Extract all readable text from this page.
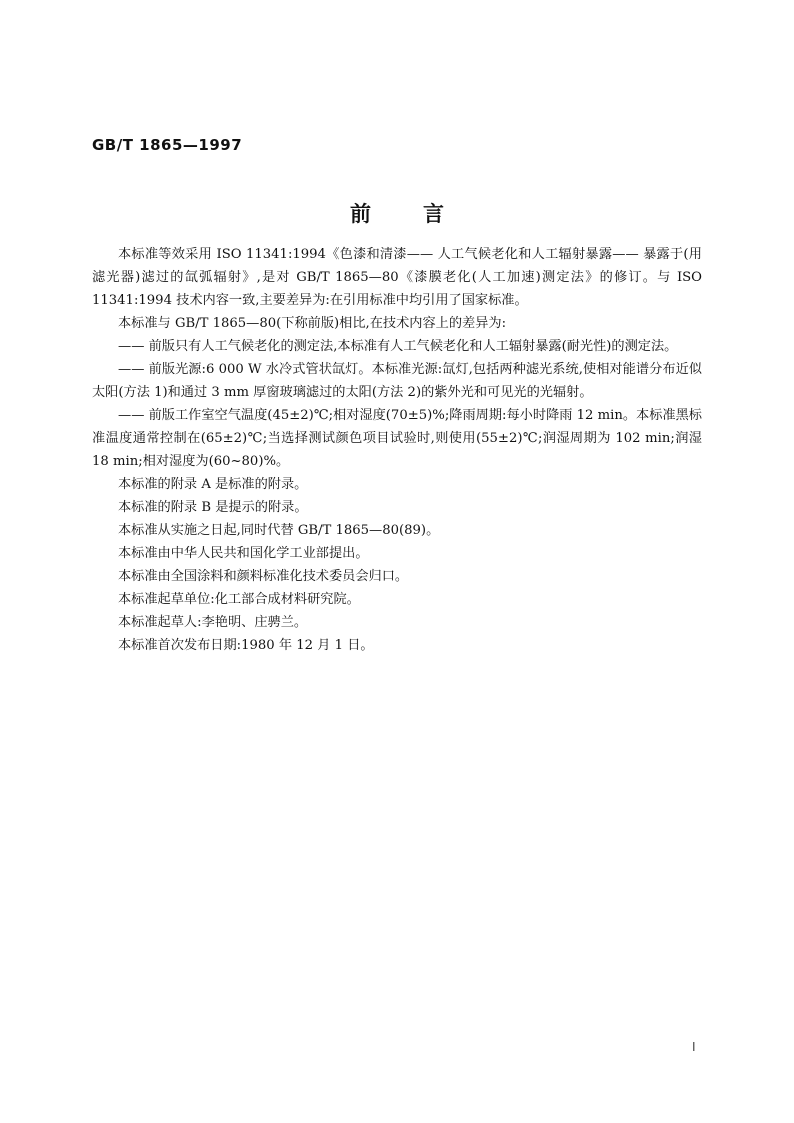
GB/T 1865—1997
前 言

本标准等效采用 ISO 11341:1994《色漆和清漆—— 人工气候老化和人工辐射暴露—— 暴露于(用滤光器)滤过的氙弧辐射》,是对 GB/T 1865—80《漆膜老化(人工加速)测定法》的修订。与 ISO 11341:1994 技术内容一致,主要差异为:在引用标准中均引用了国家标准。

本标准与 GB/T 1865—80(下称前版)相比,在技术内容上的差异为:

—— 前版只有人工气候老化的测定法,本标准有人工气候老化和人工辐射暴露(耐光性)的测定法。

—— 前版光源:6 000 W 水冷式管状氙灯。本标准光源:氙灯,包括两种滤光系统,使相对能谱分布近似太阳(方法 1)和通过 3 mm 厚窗玻璃滤过的太阳(方法 2)的紫外光和可见光的光辐射。

—— 前版工作室空气温度(45±2)℃;相对湿度(70±5)%;降雨周期:每小时降雨 12 min。本标准黑标准温度通常控制在(65±2)℃;当选择测试颜色项目试验时,则使用(55±2)℃;润湿周期为 102 min;润湿 18 min;相对湿度为(60~80)%。

本标准的附录 A 是标准的附录。

本标准的附录 B 是提示的附录。

本标准从实施之日起,同时代替 GB/T 1865—80(89)。

本标准由中华人民共和国化学工业部提出。

本标准由全国涂料和颜料标准化技术委员会归口。

本标准起草单位:化工部合成材料研究院。

本标准起草人:李艳明、庄骋兰。

本标准首次发布日期:1980 年 12 月 1 日。

I
